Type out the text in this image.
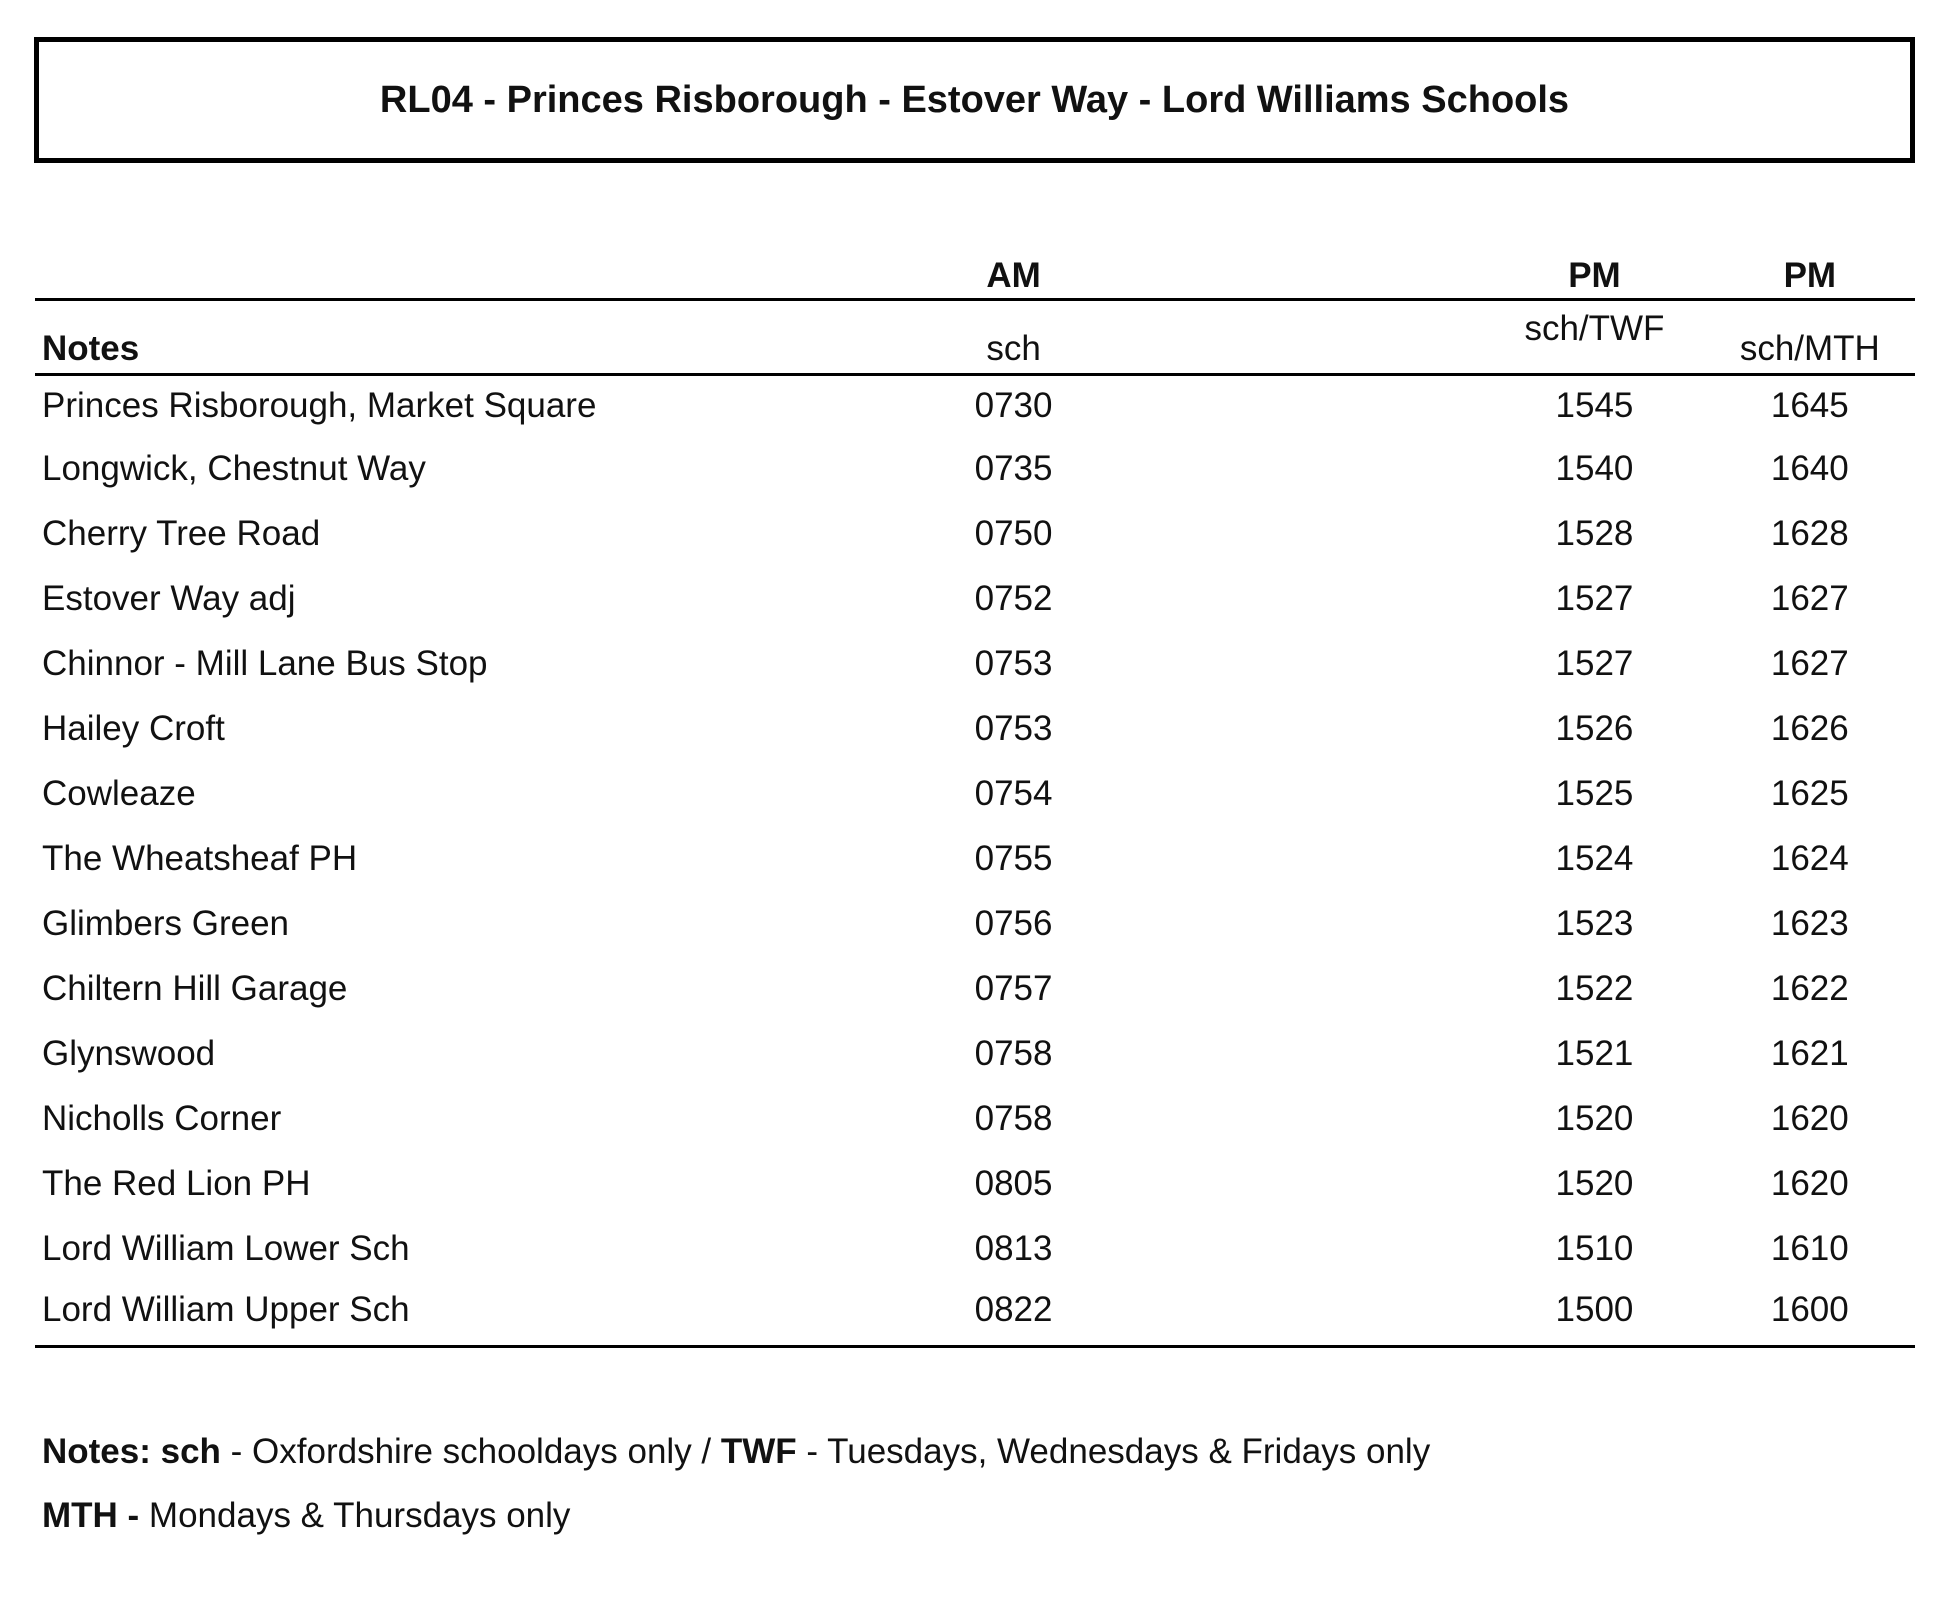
RL04 - Princes Risborough - Estover Way - Lord Williams Schools
	AM		PM	PM
Notes	sch		sch/TWF	sch/MTH
Princes Risborough, Market Square	0730		1545	1645
Longwick, Chestnut Way	0735		1540	1640
Cherry Tree Road	0750		1528	1628
Estover Way adj	0752		1527	1627
Chinnor - Mill Lane Bus Stop	0753		1527	1627
Hailey Croft	0753		1526	1626
Cowleaze	0754		1525	1625
The Wheatsheaf PH	0755		1524	1624
Glimbers Green	0756		1523	1623
Chiltern Hill Garage	0757		1522	1622
Glynswood	0758		1521	1621
Nicholls Corner	0758		1520	1620
The Red Lion PH	0805		1520	1620
Lord William Lower Sch	0813		1510	1610
Lord William Upper Sch	0822		1500	1600
Notes: sch - Oxfordshire schooldays only / TWF - Tuesdays, Wednesdays & Fridays only
MTH - Mondays & Thursdays only
